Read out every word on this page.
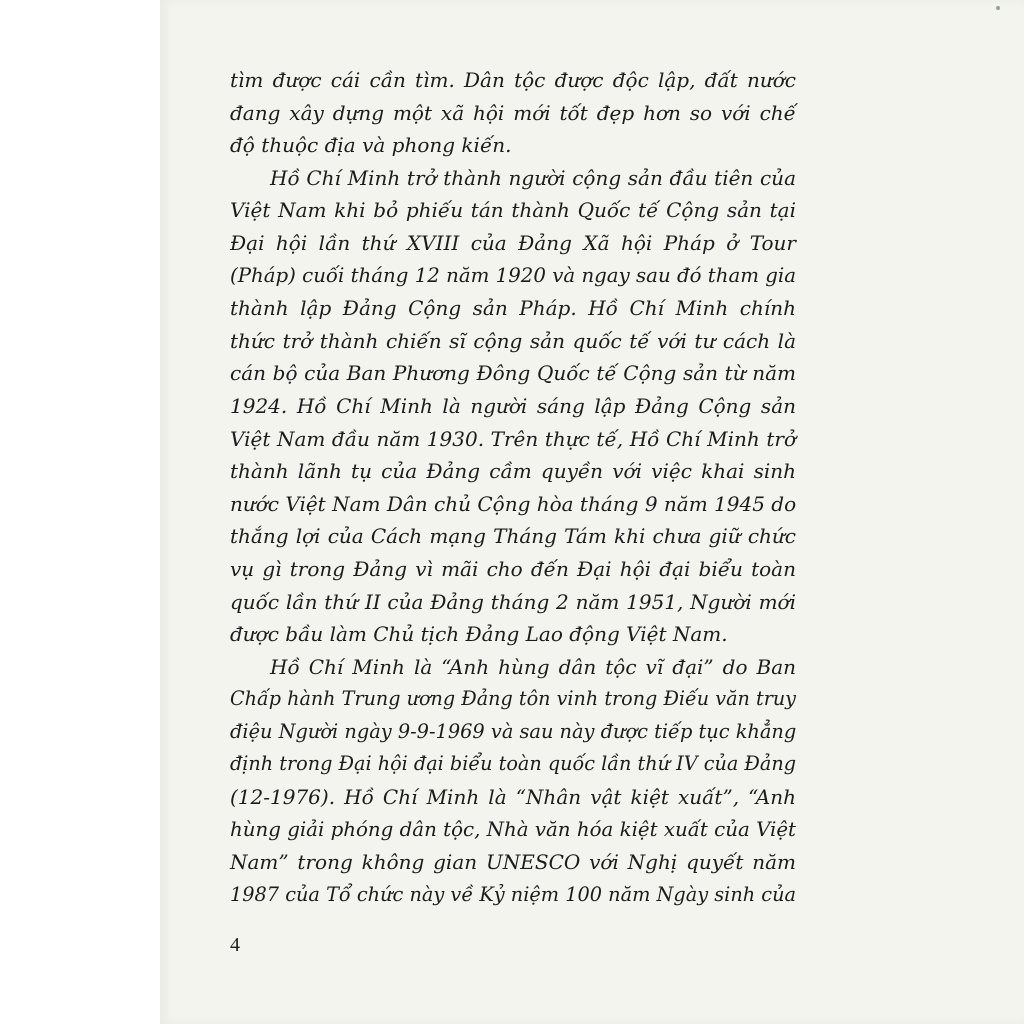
tìm được cái cần tìm. Dân tộc được độc lập, đất nước
đang xây dựng một xã hội mới tốt đẹp hơn so với chế
độ thuộc địa và phong kiến.

Hồ Chí Minh trở thành người cộng sản đầu tiên của
Việt Nam khi bỏ phiếu tán thành Quốc tế Cộng sản tại
Đại hội lần thứ XVIII của Đảng Xã hội Pháp ở Tour
(Pháp) cuối tháng 12 năm 1920 và ngay sau đó tham gia
thành lập Đảng Cộng sản Pháp. Hồ Chí Minh chính
thức trở thành chiến sĩ cộng sản quốc tế với tư cách là
cán bộ của Ban Phương Đông Quốc tế Cộng sản từ năm
1924. Hồ Chí Minh là người sáng lập Đảng Cộng sản
Việt Nam đầu năm 1930. Trên thực tế, Hồ Chí Minh trở
thành lãnh tụ của Đảng cầm quyền với việc khai sinh
nước Việt Nam Dân chủ Cộng hòa tháng 9 năm 1945 do
thắng lợi của Cách mạng Tháng Tám khi chưa giữ chức
vụ gì trong Đảng vì mãi cho đến Đại hội đại biểu toàn
quốc lần thứ II của Đảng tháng 2 năm 1951, Người mới
được bầu làm Chủ tịch Đảng Lao động Việt Nam.

Hồ Chí Minh là “Anh hùng dân tộc vĩ đại” do Ban
Chấp hành Trung ương Đảng tôn vinh trong Điếu văn truy
điệu Người ngày 9-9-1969 và sau này được tiếp tục khẳng
định trong Đại hội đại biểu toàn quốc lần thứ IV của Đảng
(12-1976). Hồ Chí Minh là “Nhân vật kiệt xuất”, “Anh
hùng giải phóng dân tộc, Nhà văn hóa kiệt xuất của Việt
Nam” trong không gian UNESCO với Nghị quyết năm
1987 của Tổ chức này về Kỷ niệm 100 năm Ngày sinh của

4
